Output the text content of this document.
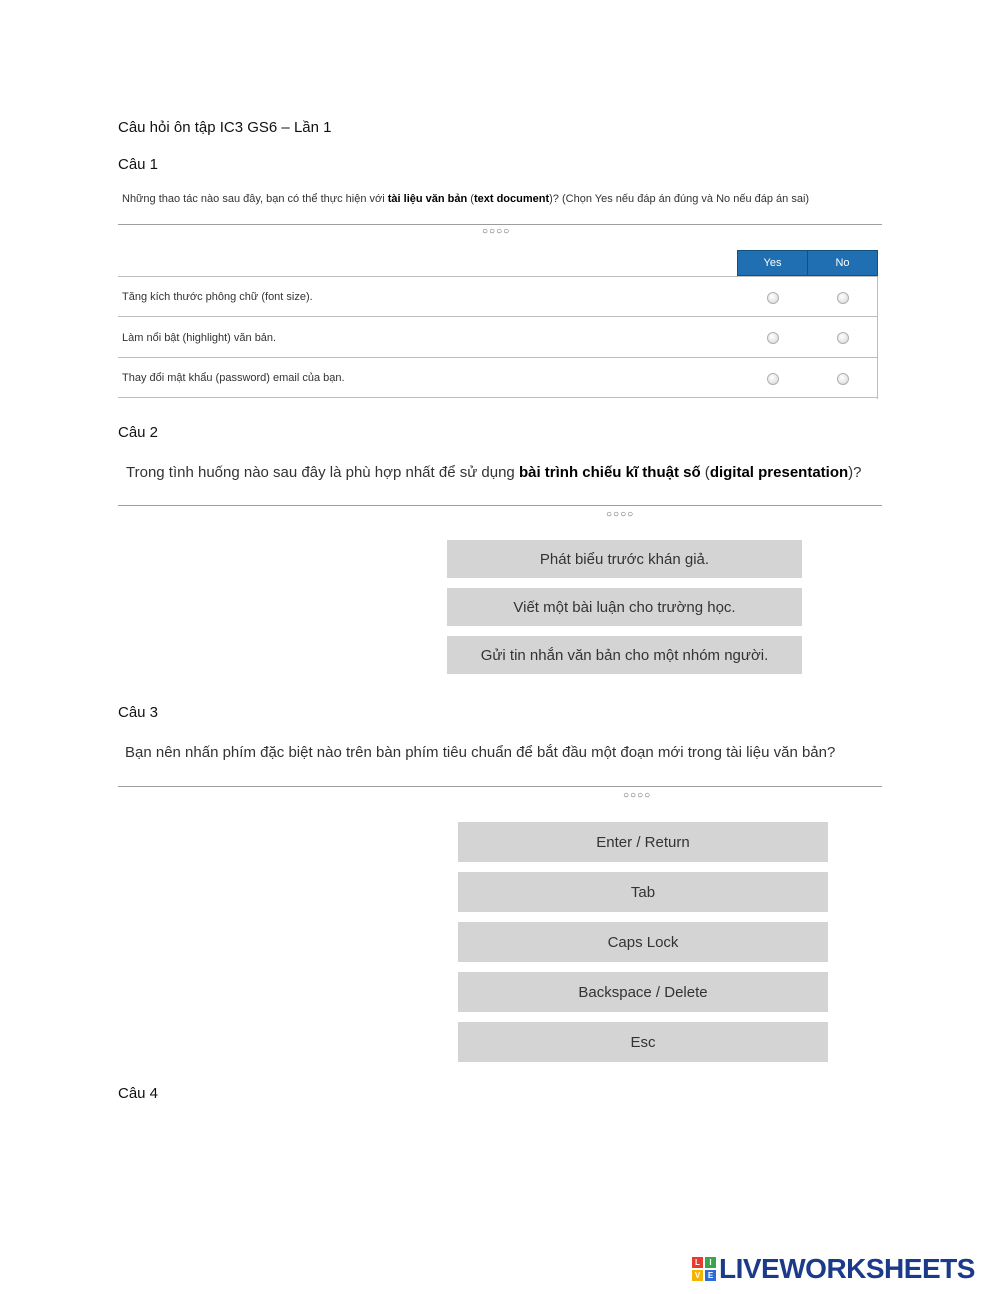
Câu hỏi ôn tập IC3 GS6 – Lần 1
Câu 1
Những thao tác nào sau đây, bạn có thể thực hiện với tài liệu văn bản (text document)? (Chọn Yes nếu đáp án đúng và No nếu đáp án sai)
○○○○
Yes	No
Tăng kích thước phông chữ (font size).
Làm nổi bật (highlight) văn bản.
Thay đổi mật khẩu (password) email của bạn.
Câu 2
Trong tình huống nào sau đây là phù hợp nhất để sử dụng bài trình chiếu kĩ thuật số (digital presentation)?
○○○○
Phát biểu trước khán giả.
Viết một bài luận cho trường học.
Gửi tin nhắn văn bản cho một nhóm người.
Câu 3
Bạn nên nhấn phím đặc biệt nào trên bàn phím tiêu chuẩn để bắt đầu một đoạn mới trong tài liệu văn bản?
○○○○
Enter / Return
Tab
Caps Lock
Backspace / Delete
Esc
Câu 4
L	I
V E LIVEWORKSHEETS
